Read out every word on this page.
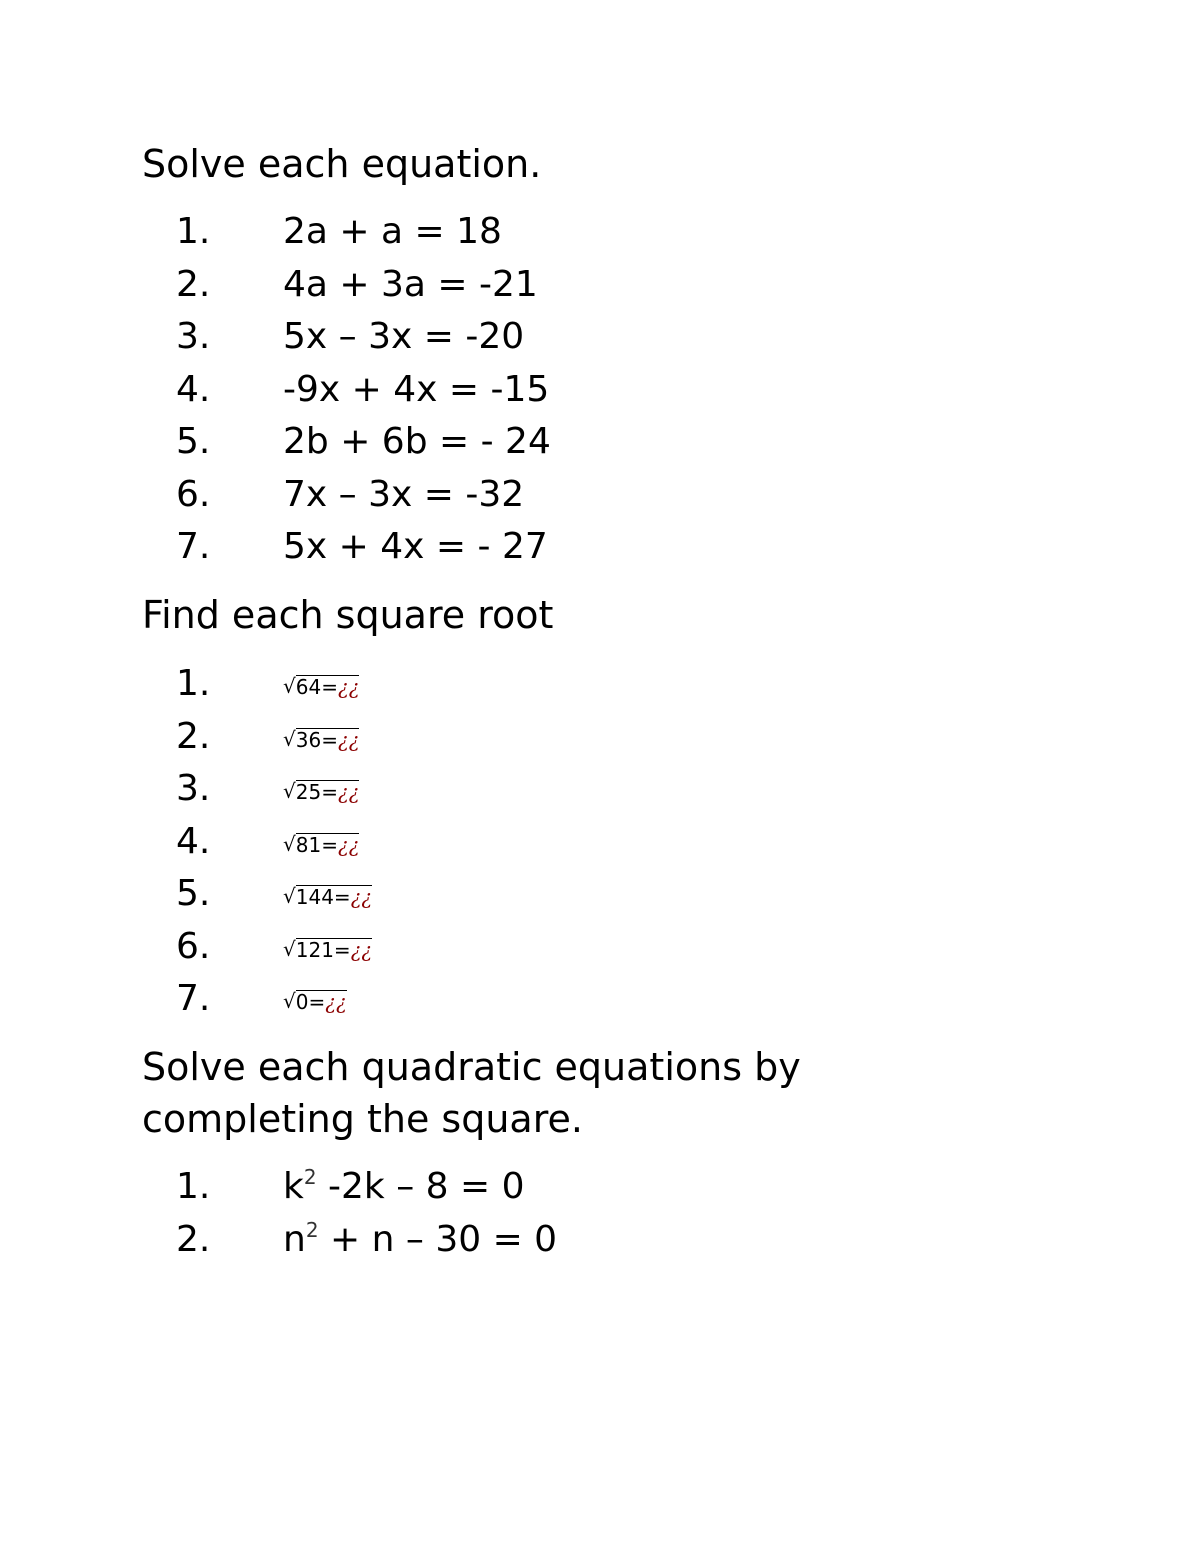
Solve each equation.
1. 2a + a = 18
2. 4a + 3a = -21
3. 5x – 3x = -20
4. -9x + 4x = -15
5. 2b + 6b = - 24
6. 7x – 3x = -32
7. 5x + 4x = - 27
Find each square root
1.	√ 64= ¿¿
2.	√ 36= ¿¿
3.	√ 25= ¿¿
4.	√ 81= ¿¿
5.	√ 144= ¿¿
6.	√ 121= ¿¿
7.	√ 0= ¿¿
Solve each quadratic equations by
completing the square.
1. $k^2$ -2k – 8 = 0
2. $n^2 + n - 30 = 0$
